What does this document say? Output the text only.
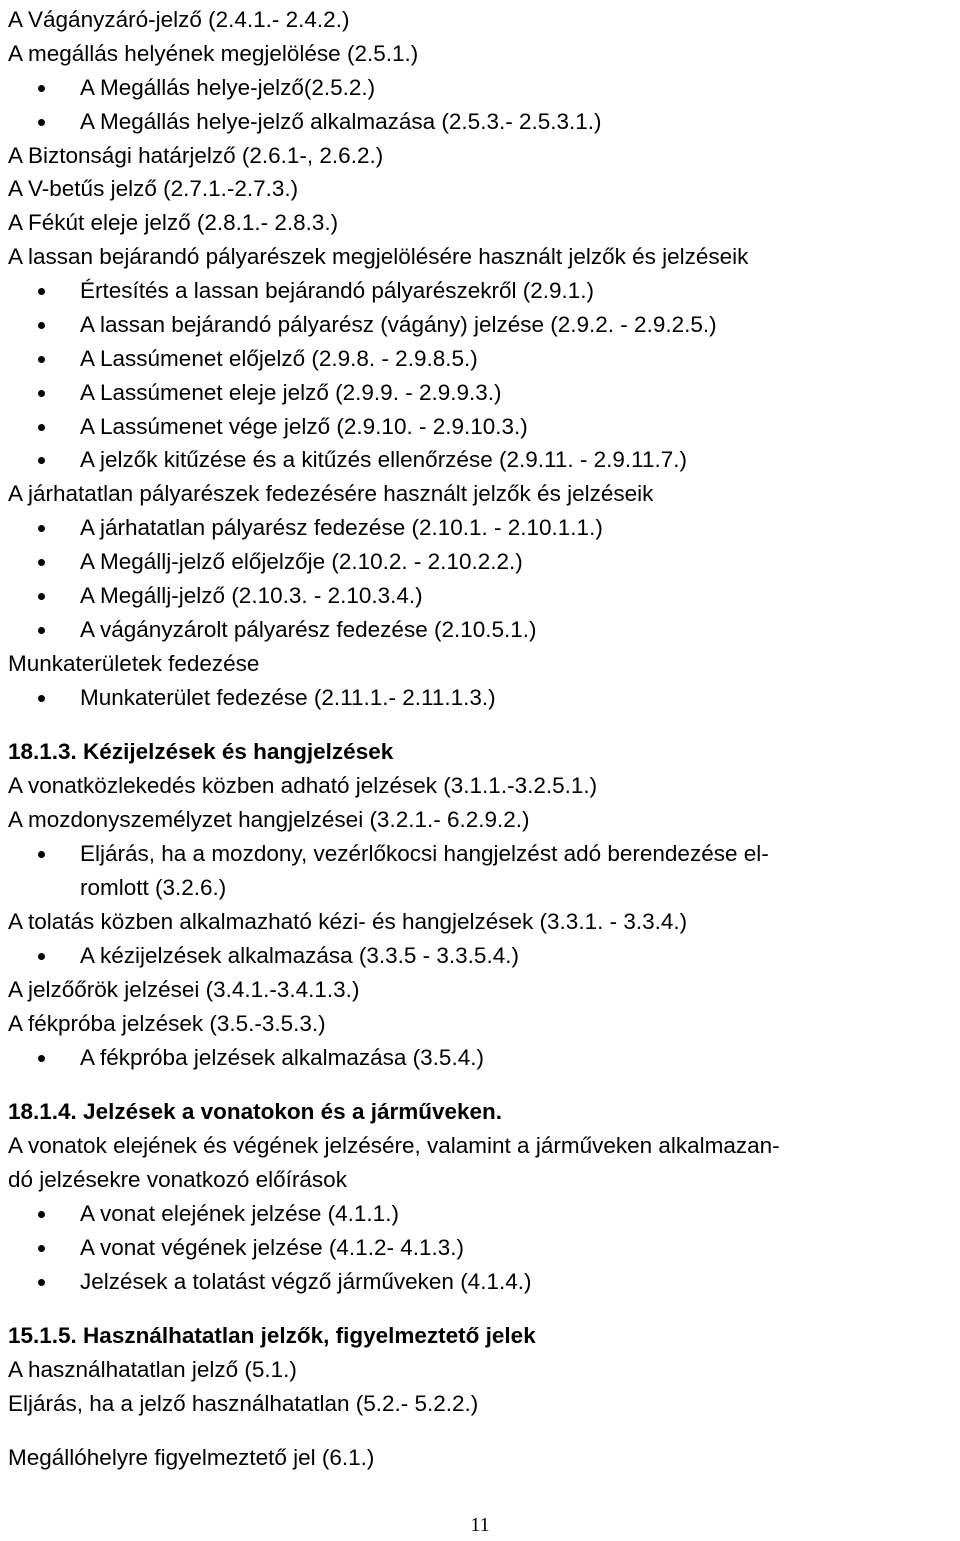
A Vágányzáró-jelző (2.4.1.- 2.4.2.)
A megállás helyének megjelölése (2.5.1.)
A Megállás helye-jelző(2.5.2.)
A Megállás helye-jelző alkalmazása (2.5.3.- 2.5.3.1.)
A Biztonsági határjelző (2.6.1-, 2.6.2.)
A V-betűs jelző (2.7.1.-2.7.3.)
A Fékút eleje jelző (2.8.1.- 2.8.3.)
A lassan bejárandó pályarészek megjelölésére használt jelzők és jelzéseik
Értesítés a lassan bejárandó pályarészekről (2.9.1.)
A lassan bejárandó pályarész (vágány) jelzése (2.9.2. - 2.9.2.5.)
A Lassúmenet előjelző (2.9.8. - 2.9.8.5.)
A Lassúmenet eleje jelző (2.9.9. - 2.9.9.3.)
A Lassúmenet vége jelző (2.9.10. - 2.9.10.3.)
A jelzők kitűzése és a kitűzés ellenőrzése (2.9.11. - 2.9.11.7.)
A járhatatlan pályarészek fedezésére használt jelzők és jelzéseik
A járhatatlan pályarész fedezése (2.10.1. - 2.10.1.1.)
A Megállj-jelző előjelzője (2.10.2. - 2.10.2.2.)
A Megállj-jelző (2.10.3. - 2.10.3.4.)
A vágányzárolt pályarész fedezése (2.10.5.1.)
Munkaterületek fedezése
Munkaterület fedezése (2.11.1.- 2.11.1.3.)
18.1.3. Kézijelzések és hangjelzések
A vonatközlekedés közben adható jelzések (3.1.1.-3.2.5.1.)
A mozdonyszemélyzet hangjelzései (3.2.1.- 6.2.9.2.)
Eljárás, ha a mozdony, vezérlőkocsi hangjelzést adó berendezése el-
romlott (3.2.6.)
A tolatás közben alkalmazható kézi- és hangjelzések (3.3.1. - 3.3.4.)
A kézijelzések alkalmazása (3.3.5 - 3.3.5.4.)
A jelzőőrök jelzései (3.4.1.-3.4.1.3.)
A fékpróba jelzések (3.5.-3.5.3.)
A fékpróba jelzések alkalmazása (3.5.4.)
18.1.4. Jelzések a vonatokon és a járműveken.
A vonatok elejének és végének jelzésére, valamint a járműveken alkalmazan-
dó jelzésekre vonatkozó előírások
A vonat elejének jelzése (4.1.1.)
A vonat végének jelzése (4.1.2- 4.1.3.)
Jelzések a tolatást végző járműveken (4.1.4.)
15.1.5. Használhatatlan jelzők, figyelmeztető jelek
A használhatatlan jelző (5.1.)
Eljárás, ha a jelző használhatatlan (5.2.- 5.2.2.)
Megállóhelyre figyelmeztető jel (6.1.)
11
